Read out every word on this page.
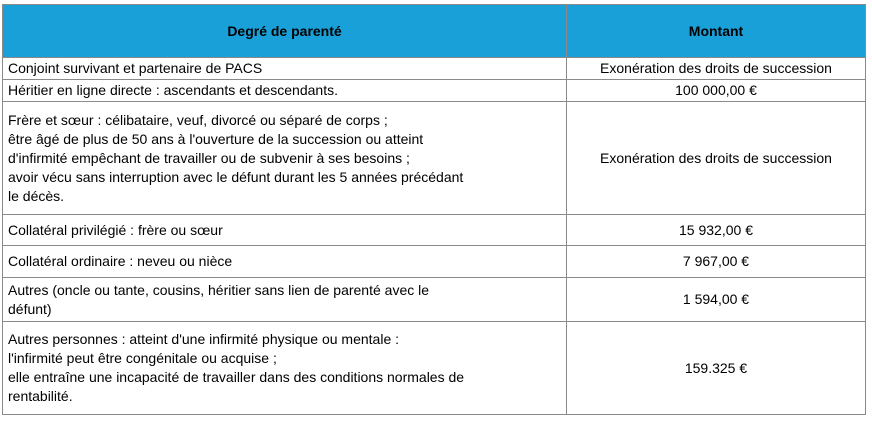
Degré de parenté	Montant

Conjoint survivant et partenaire de PACS	Exonération des droits de succession

Héritier en ligne directe : ascendants et descendants.	100 000,00 €

Frère et sœur : célibataire, veuf, divorcé ou séparé de corps ;
être âgé de plus de 50 ans à l'ouverture de la succession ou atteint
d'infirmité empêchant de travailler ou de subvenir à ses besoins ;
avoir vécu sans interruption avec le défunt durant les 5 années précédant
le décès.	Exonération des droits de succession

Collatéral privilégié : frère ou sœur	15 932,00 €

Collatéral ordinaire : neveu ou nièce	7 967,00 €

Autres (oncle ou tante, cousins, héritier sans lien de parenté avec le
défunt)	1 594,00 €

Autres personnes : atteint d'une infirmité physique ou mentale :
l'infirmité peut être congénitale ou acquise ;
elle entraîne une incapacité de travailler dans des conditions normales de
rentabilité.	159.325 €
